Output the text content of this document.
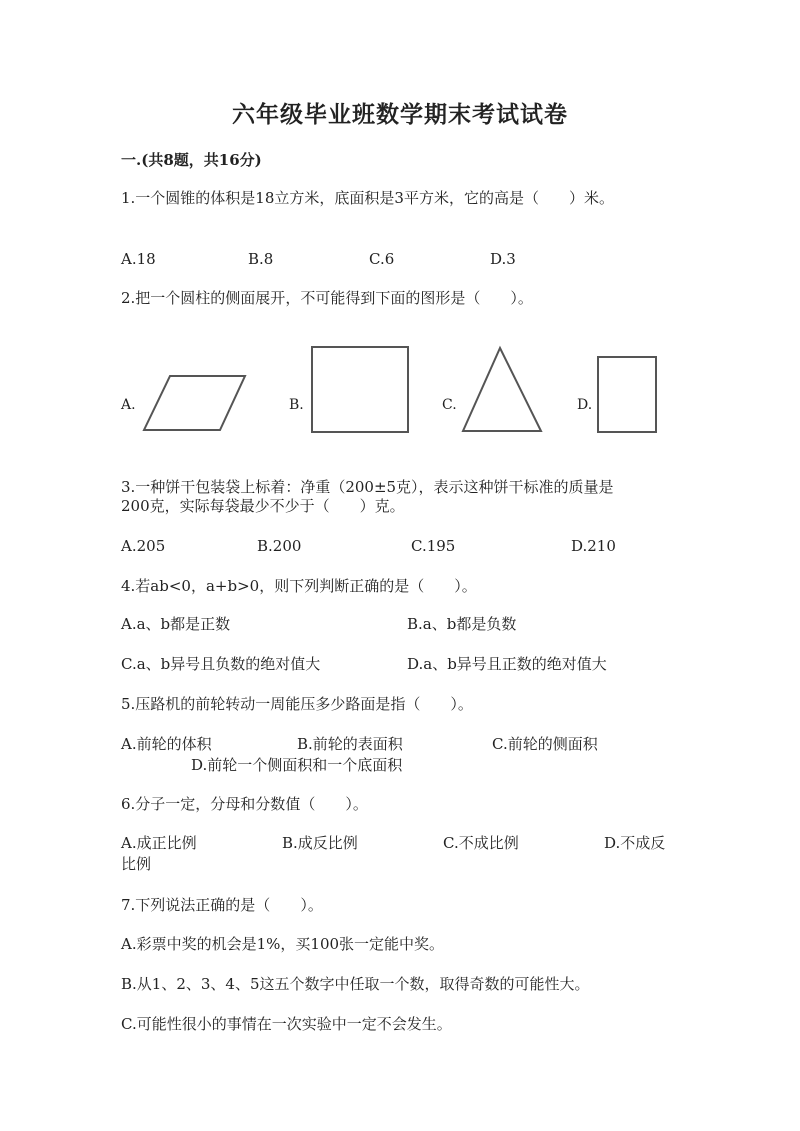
六年级毕业班数学期末考试试卷
一.(共8题，共16分)
1.一个圆锥的体积是18立方米，底面积是3平方米，它的高是（　　）米。
A.18	B.8	C.6	D.3
2.把一个圆柱的侧面展开，不可能得到下面的图形是（　　）。
A.	B.	C.	D.
3.一种饼干包装袋上标着：净重（200±5克），表示这种饼干标准的质量是
200克，实际每袋最少不少于（　　）克。
A.205	B.200	C.195	D.210
4.若ab<0，a+b>0，则下列判断正确的是（　　）。
A.a、b都是正数	B.a、b都是负数
C.a、b异号且负数的绝对值大	D.a、b异号且正数的绝对值大
5.压路机的前轮转动一周能压多少路面是指（　　）。
A.前轮的体积	B.前轮的表面积	C.前轮的侧面积
D.前轮一个侧面积和一个底面积
6.分子一定，分母和分数值（　　）。
A.成正比例	B.成反比例	C.不成比例	D.不成反
比例
7.下列说法正确的是（　　）。
A.彩票中奖的机会是1%，买100张一定能中奖。
B.从1、2、3、4、5这五个数字中任取一个数，取得奇数的可能性大。
C.可能性很小的事情在一次实验中一定不会发生。
